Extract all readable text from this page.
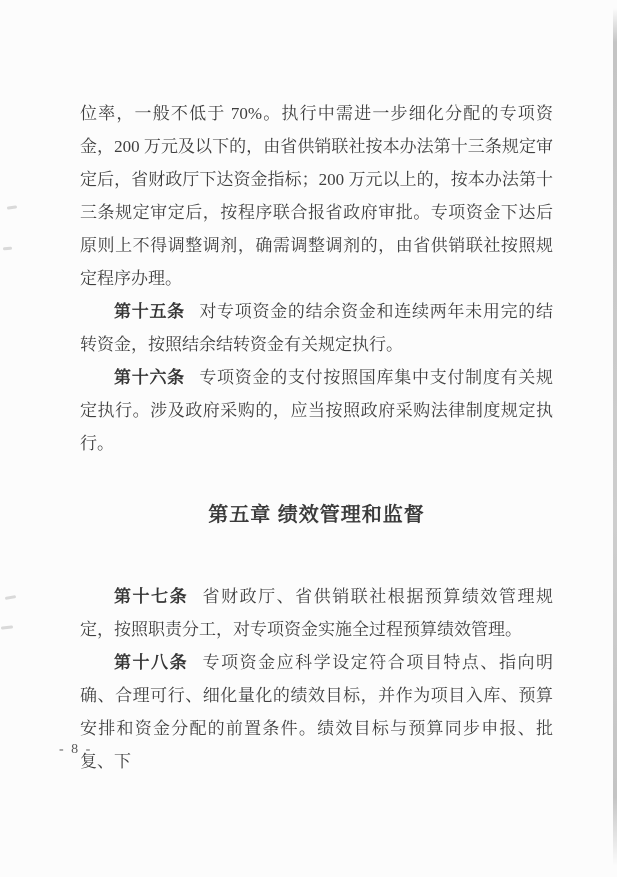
位率，一般不低于 70%。执行中需进一步细化分配的专项资金，200 万元及以下的，由省供销联社按本办法第十三条规定审定后，省财政厅下达资金指标；200 万元以上的，按本办法第十三条规定审定后，按程序联合报省政府审批。专项资金下达后原则上不得调整调剂，确需调整调剂的，由省供销联社按照规定程序办理。

第十五条 对专项资金的结余资金和连续两年未用完的结转资金，按照结余结转资金有关规定执行。

第十六条 专项资金的支付按照国库集中支付制度有关规定执行。涉及政府采购的，应当按照政府采购法律制度规定执行。

第五章 绩效管理和监督

第十七条 省财政厅、省供销联社根据预算绩效管理规定，按照职责分工，对专项资金实施全过程预算绩效管理。

第十八条 专项资金应科学设定符合项目特点、指向明确、合理可行、细化量化的绩效目标，并作为项目入库、预算安排和资金分配的前置条件。绩效目标与预算同步申报、批复、下

- 8 -
